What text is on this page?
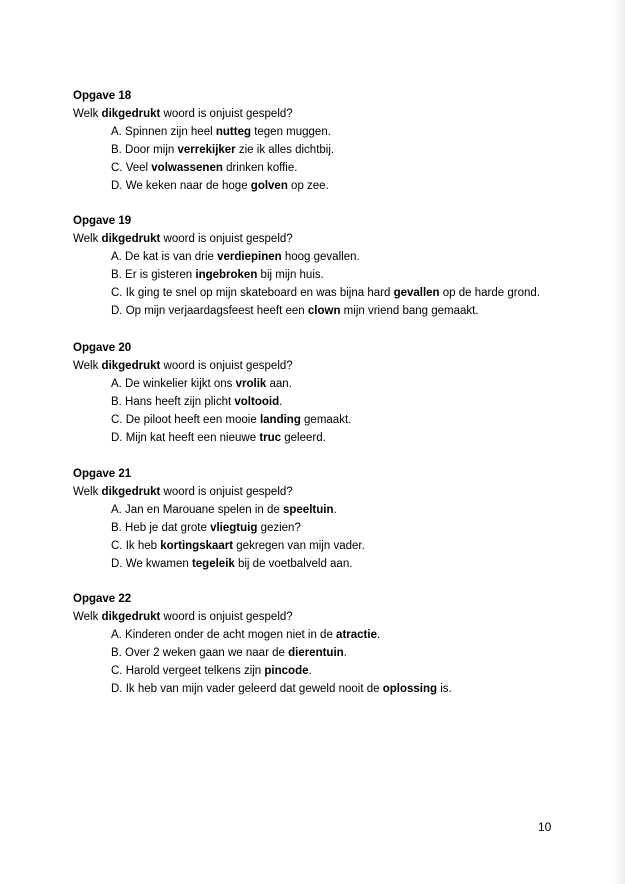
Opgave 18
Welk dikgedrukt woord is onjuist gespeld?
A. Spinnen zijn heel nutteg tegen muggen.
B. Door mijn verrekijker zie ik alles dichtbij.
C. Veel volwassenen drinken koffie.
D. We keken naar de hoge golven op zee.
Opgave 19
Welk dikgedrukt woord is onjuist gespeld?
A. De kat is van drie verdiepinen hoog gevallen.
B. Er is gisteren ingebroken bij mijn huis.
C. Ik ging te snel op mijn skateboard en was bijna hard gevallen op de harde grond.
D. Op mijn verjaardagsfeest heeft een clown mijn vriend bang gemaakt.
Opgave 20
Welk dikgedrukt woord is onjuist gespeld?
A. De winkelier kijkt ons vrolik aan.
B. Hans heeft zijn plicht voltooid.
C. De piloot heeft een mooie landing gemaakt.
D. Mijn kat heeft een nieuwe truc geleerd.
Opgave 21
Welk dikgedrukt woord is onjuist gespeld?
A. Jan en Marouane spelen in de speeltuin.
B. Heb je dat grote vliegtuig gezien?
C. Ik heb kortingskaart gekregen van mijn vader.
D. We kwamen tegeleik bij de voetbalveld aan.
Opgave 22
Welk dikgedrukt woord is onjuist gespeld?
A. Kinderen onder de acht mogen niet in de atractie.
B. Over 2 weken gaan we naar de dierentuin.
C. Harold vergeet telkens zijn pincode.
D. Ik heb van mijn vader geleerd dat geweld nooit de oplossing is.
10
